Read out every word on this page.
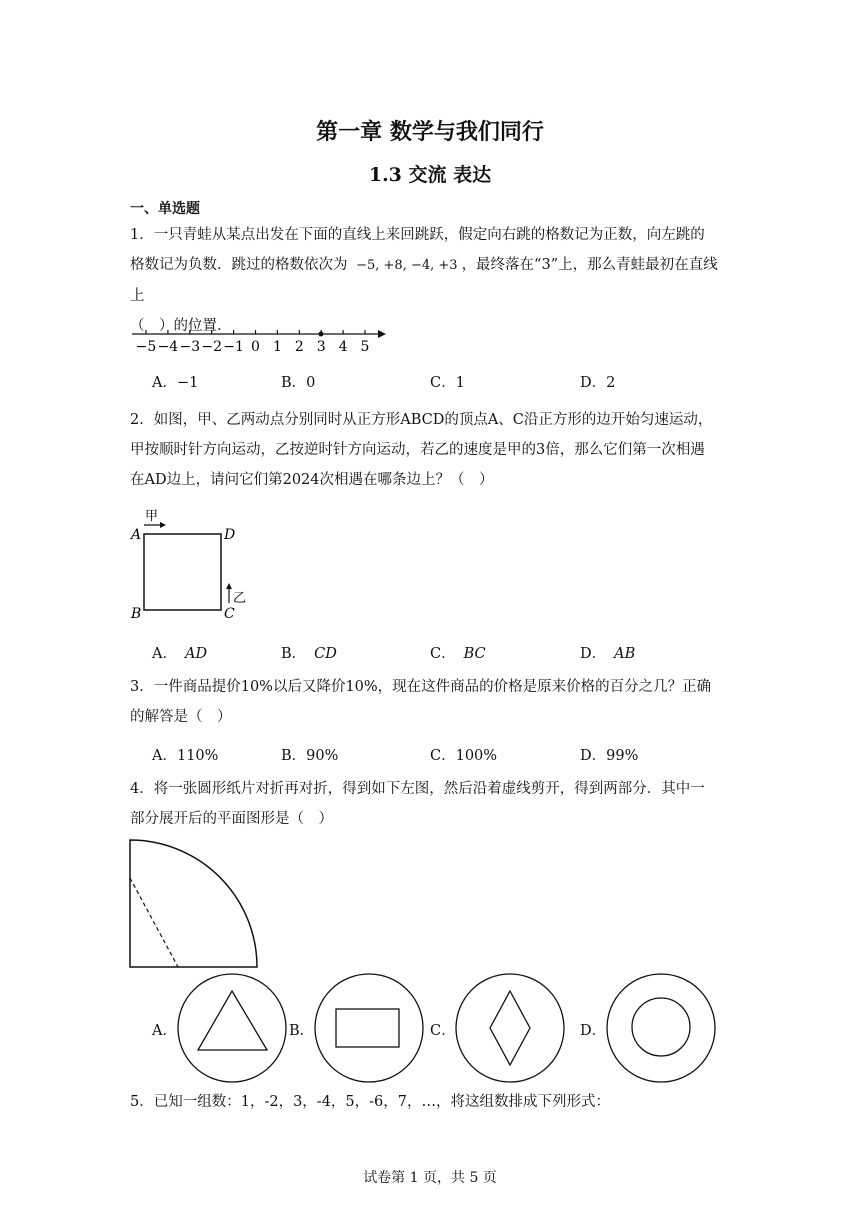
第一章 数学与我们同行
1.3 交流 表达
一、单选题
1．一只青蛙从某点出发在下面的直线上来回跳跃，假定向右跳的格数记为正数，向左跳的
格数记为负数．跳过的格数依次为 −5, +8, −4, +3 ，最终落在“3”上，那么青蛙最初在直线上
（　）的位置．
−5 −4 −3 −2 −1 0 1 2 3 4 5
A．−1	B．0	C．1	D．2
2．如图，甲、乙两动点分别同时从正方形ABCD的顶点A、C沿正方形的边开始匀速运动，
甲按顺时针方向运动，乙按逆时针方向运动，若乙的速度是甲的3倍，那么它们第一次相遇
在AD边上，请问它们第2024次相遇在哪条边上？（　）
甲
乙
A	D
B	C
A． AD	B． CD	C． BC	D． AB
3．一件商品提价10%以后又降价10%，现在这件商品的价格是原来价格的百分之几？正确
的解答是（　）
A．110%	B．90%	C．100%	D．99%
4．将一张圆形纸片对折再对折，得到如下左图，然后沿着虚线剪开，得到两部分．其中一
部分展开后的平面图形是（　）
A．	B．	C．	D．
5．已知一组数：1，-2，3，-4，5，-6，7，…，将这组数排成下列形式：
试卷第 1 页，共 5 页
